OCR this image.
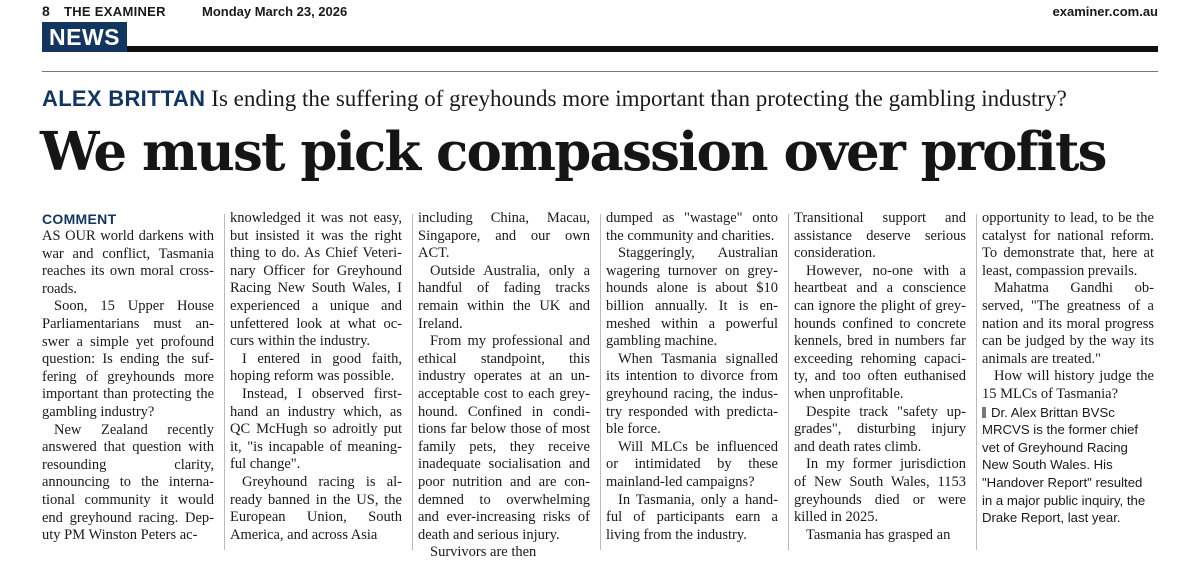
8 THE EXAMINER	Monday March 23, 2026	examiner.com.au
NEWS
ALEX BRITTAN Is ending the suffering of greyhounds more important than protecting the gambling industry?
We must pick compassion over profits
COMMENT

AS OUR world darkens with war and conflict, Tasmania reaches its own moral cross-roads.

Soon, 15 Upper House Parliamentarians must an-swer a simple yet profound question: Is ending the suf-fering of greyhounds more important than protecting the gambling industry?

New Zealand recently answered that question with resounding clarity, announcing to the interna-tional community it would end greyhound racing. Dep-uty PM Winston Peters ac-

knowledged it was not easy, but insisted it was the right thing to do. As Chief Veteri-nary Officer for Greyhound Racing New South Wales, I experienced a unique and unfettered look at what oc-curs within the industry.

I entered in good faith, hoping reform was possible.

Instead, I observed first-hand an industry which, as QC McHugh so adroitly put it, "is incapable of meaning-ful change".

Greyhound racing is al-ready banned in the US, the European Union, South America, and across Asia

including China, Macau, Singapore, and our own ACT.

Outside Australia, only a handful of fading tracks remain within the UK and Ireland.

From my professional and ethical standpoint, this industry operates at an un-acceptable cost to each grey-hound. Confined in condi-tions far below those of most family pets, they receive inadequate socialisation and poor nutrition and are con-demned to overwhelming and ever-increasing risks of death and serious injury.

Survivors are then

dumped as "wastage" onto the community and charities.

Staggeringly, Australian wagering turnover on grey-hounds alone is about $10 billion annually. It is en-meshed within a powerful gambling machine.

When Tasmania signalled its intention to divorce from greyhound racing, the indus-try responded with predicta-ble force.

Will MLCs be influenced or intimidated by these mainland-led campaigns?

In Tasmania, only a hand-ful of participants earn a living from the industry.

Transitional support and assistance deserve serious consideration.

However, no-one with a heartbeat and a conscience can ignore the plight of grey-hounds confined to concrete kennels, bred in numbers far exceeding rehoming capaci-ty, and too often euthanised when unprofitable.

Despite track "safety up-grades", disturbing injury and death rates climb.

In my former jurisdiction of New South Wales, 1153 greyhounds died or were killed in 2025.

Tasmania has grasped an

opportunity to lead, to be the catalyst for national reform. To demonstrate that, here at least, compassion prevails.

Mahatma Gandhi ob-served, "The greatness of a nation and its moral progress can be judged by the way its animals are treated."

How will history judge the 15 MLCs of Tasmania?

Dr. Alex Brittan BVSc MRCVS is the former chief vet of Greyhound Racing New South Wales. His "Handover Report" resulted in a major public inquiry, the Drake Report, last year.
